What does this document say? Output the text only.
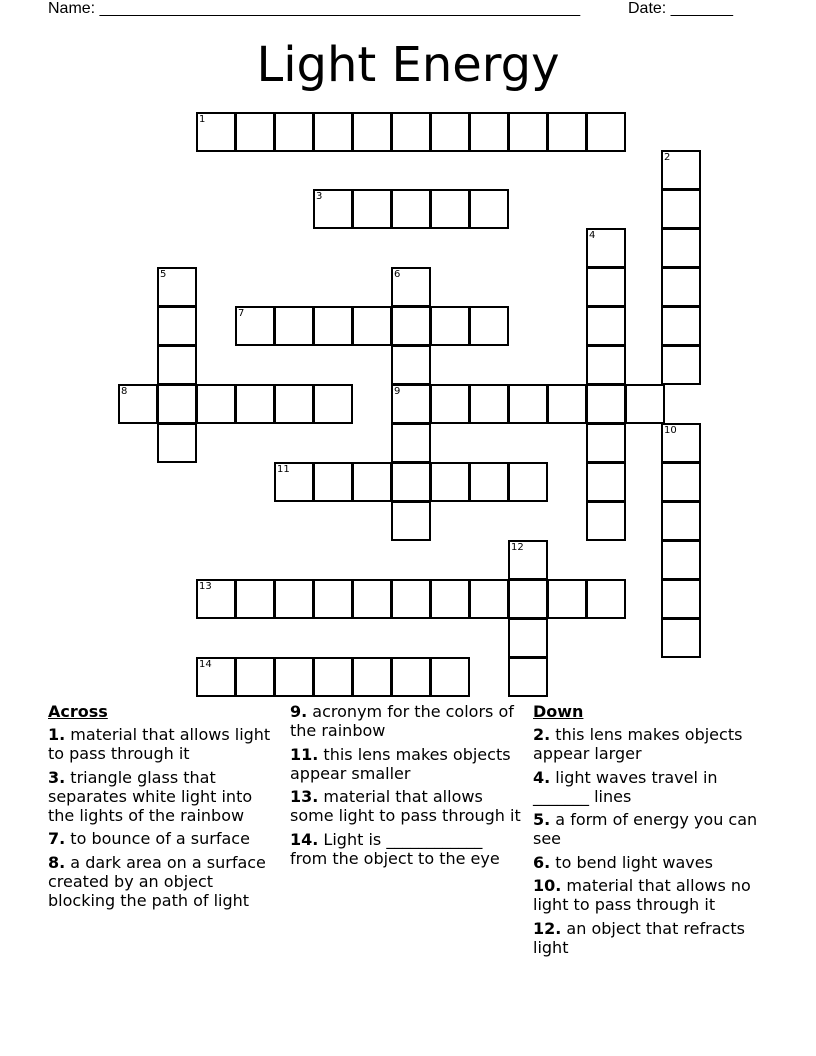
Name: ______________________________________________________	Date: _______
Light Energy
1
2
3
4
5	6
7
8	9
10
11
12
13
14
Across
1. material that allows light to pass through it
3. triangle glass that separates white light into the lights of the rainbow
7. to bounce of a surface
8. a dark area on a surface created by an object blocking the path of light
9. acronym for the colors of the rainbow
11. this lens makes objects appear smaller
13. material that allows some light to pass through it
14. Light is ____________ from the object to the eye
Down
2. this lens makes objects appear larger
4. light waves travel in _______ lines
5. a form of energy you can see
6. to bend light waves
10. material that allows no light to pass through it
12. an object that refracts light
